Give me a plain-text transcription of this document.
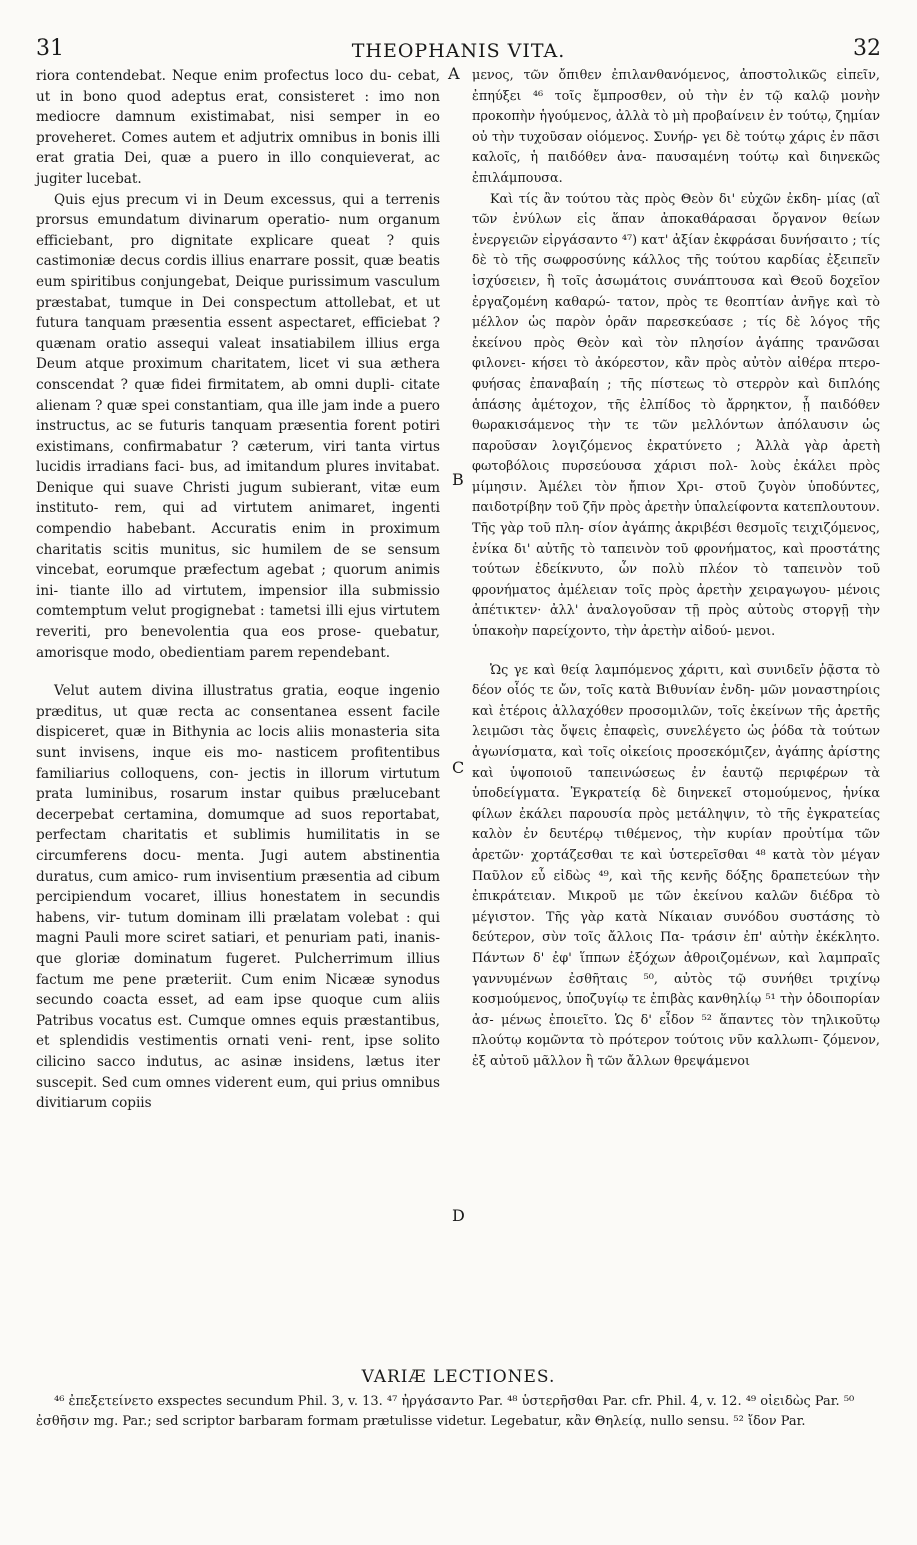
31	THEOPHANIS VITA.	32

riora contendebat. Neque enim profectus loco du- cebat, ut in bono quod adeptus erat, consisteret : imo non mediocre damnum existimabat, nisi semper in eo proveheret. Comes autem et adjutrix omnibus in bonis illi erat gratia Dei, quæ a puero in illo conquieverat, ac jugiter lucebat.

Quis ejus precum vi in Deum excessus, qui a terrenis prorsus emundatum divinarum operatio- num organum efficiebant, pro dignitate explicare queat ? quis castimoniæ decus cordis illius enarrare possit, quæ beatis eum spiritibus conjungebat, Deique purissimum vasculum præstabat, tumque in Dei conspectum attollebat, et ut futura tanquam præsentia essent aspectaret, efficiebat ? quænam oratio assequi valeat insatiabilem illius erga Deum atque proximum charitatem, licet vi sua æthera conscendat ? quæ fidei firmitatem, ab omni dupli- citate alienam ? quæ spei constantiam, qua ille jam inde a puero instructus, ac se futuris tanquam præsentia forent potiri existimans, confirmabatur ? cæterum, viri tanta virtus lucidis irradians faci- bus, ad imitandum plures invitabat. Denique qui suave Christi jugum subierant, vitæ eum instituto- rem, qui ad virtutem animaret, ingenti compendio habebant. Accuratis enim in proximum charitatis scitis munitus, sic humilem de se sensum vincebat, eorumque præfectum agebat ; quorum animis ini- tiante illo ad virtutem, impensior illa submissio comtemptum velut progignebat : tametsi illi ejus virtutem reveriti, pro benevolentia qua eos prose- quebatur, amorisque modo, obedientiam parem rependebant.

Velut autem divina illustratus gratia, eoque ingenio præditus, ut quæ recta ac consentanea essent facile dispiceret, quæ in Bithynia ac locis aliis monasteria sita sunt invisens, inque eis mo- nasticem profitentibus familiarius colloquens, con- jectis in illorum virtutum prata luminibus, rosarum instar quibus prælucebant decerpebat certamina, domumque ad suos reportabat, perfectam charitatis et sublimis humilitatis in se circumferens docu- menta. Jugi autem abstinentia duratus, cum amico- rum invisentium præsentia ad cibum percipiendum vocaret, illius honestatem in secundis habens, vir- tutum dominam illi prælatam volebat : qui magni Pauli more sciret satiari, et penuriam pati, inanis- que gloriæ dominatum fugeret. Pulcherrimum illius factum me pene præteriit. Cum enim Nicææ synodus secundo coacta esset, ad eam ipse quoque cum aliis Patribus vocatus est. Cumque omnes equis præstantibus, et splendidis vestimentis ornati veni- rent, ipse solito cilicino sacco indutus, ac asinæ insidens, lætus iter suscepit. Sed cum omnes viderent eum, qui prius omnibus divitiarum copiis

A
B
C
D

μενος, τῶν ὄπιθεν ἐπιλανθανόμενος, ἀποστολικῶς εἰπεῖν, ἐπηύξει ⁴⁶ τοῖς ἔμπροσθεν, οὐ τὴν ἐν τῷ καλῷ μονὴν προκοπὴν ἡγούμενος, ἀλλὰ τὸ μὴ προβαίνειν ἐν τούτῳ, ζημίαν οὐ τὴν τυχοῦσαν οἰόμενος. Συνήρ- γει δὲ τούτῳ χάρις ἐν πᾶσι καλοῖς, ἡ παιδόθεν ἀνα- παυσαμένη τούτῳ καὶ διηνεκῶς ἐπιλάμπουσα.

Καὶ τίς ἂν τούτου τὰς πρὸς Θεὸν δι' εὐχῶν ἐκδη- μίας (αἳ τῶν ἐνύλων εἰς ἅπαν ἀποκαθάρασαι ὄργανον θείων ἐνεργειῶν εἰργάσαντο ⁴⁷) κατ' ἀξίαν ἐκφράσαι δυνήσαιτο ; τίς δὲ τὸ τῆς σωφροσύνης κάλλος τῆς τούτου καρδίας ἐξειπεῖν ἰσχύσειεν, ἣ τοῖς ἀσωμάτοις συνάπτουσα καὶ Θεοῦ δοχεῖον ἐργαζομένη καθαρώ- τατον, πρὸς τε θεοπτίαν ἀνῆγε καὶ τὸ μέλλον ὡς παρὸν ὁρᾶν παρεσκεύασε ; τίς δὲ λόγος τῆς ἐκείνου πρὸς Θεὸν καὶ τὸν πλησίον ἀγάπης τρανῶσαι φιλονει- κήσει τὸ ἀκόρεστον, κἂν πρὸς αὐτὸν αἰθέρα πτερο- φυήσας ἐπαναβαίη ; τῆς πίστεως τὸ στερρὸν καὶ διπλόης ἁπάσης ἀμέτοχον, τῆς ἐλπίδος τὸ ἄρρηκτον, ᾗ παιδόθεν θωρακισάμενος τὴν τε τῶν μελλόντων ἀπόλαυσιν ὡς παροῦσαν λογιζόμενος ἐκρατύνετο ; Ἀλλὰ γὰρ ἀρετὴ φωτοβόλοις πυρσεύουσα χάρισι πολ- λοὺς ἐκάλει πρὸς μίμησιν. Ἀμέλει τὸν ἤπιον Χρι- στοῦ ζυγὸν ὑποδύντες, παιδοτρίβην τοῦ ζῆν πρὸς ἀρετὴν ὑπαλείφοντα κατεπλουτουν. Τῆς γὰρ τοῦ πλη- σίον ἀγάπης ἀκριβέσι θεσμοῖς τειχιζόμενος, ἐνίκα δι' αὐτῆς τὸ ταπεινὸν τοῦ φρονήματος, καὶ προστάτης τούτων ἐδείκνυτο, ὧν πολὺ πλέον τὸ ταπεινὸν τοῦ φρονήματος ἀμέλειαν τοῖς πρὸς ἀρετὴν χειραγωγου- μένοις ἀπέτικτεν· ἀλλ' ἀναλογοῦσαν τῇ πρὸς αὐτοὺς στοργῇ τὴν ὑπακοὴν παρείχοντο, τὴν ἀρετὴν αἰδού- μενοι.

Ὡς γε καὶ θείᾳ λαμπόμενος χάριτι, καὶ συνιδεῖν ῥᾷστα τὸ δέον οἷός τε ὤν, τοῖς κατὰ Βιθυνίαν ἐνδη- μῶν μοναστηρίοις καὶ ἑτέροις ἀλλαχόθεν προσομιλῶν, τοῖς ἐκείνων τῆς ἀρετῆς λειμῶσι τὰς ὄψεις ἐπαφεὶς, συνελέγετο ὡς ῥόδα τὰ τούτων ἀγωνίσματα, καὶ τοῖς οἰκείοις προσεκόμιζεν, ἀγάπης ἀρίστης καὶ ὑψοποιοῦ ταπεινώσεως ἐν ἑαυτῷ περιφέρων τὰ ὑποδείγματα. Ἐγκρατείᾳ δὲ διηνεκεῖ στομούμενος, ἡνίκα φίλων ἐκάλει παρουσία πρὸς μετάληψιν, τὸ τῆς ἐγκρατείας καλὸν ἐν δευτέρῳ τιθέμενος, τὴν κυρίαν προὐτίμα τῶν ἀρετῶν· χορτάζεσθαι τε καὶ ὑστερεῖσθαι ⁴⁸ κατὰ τὸν μέγαν Παῦλον εὖ εἰδὼς ⁴⁹, καὶ τῆς κενῆς δόξης δραπετεύων τὴν ἐπικράτειαν. Μικροῦ με τῶν ἐκείνου καλῶν διέδρα τὸ μέγιστον. Τῆς γὰρ κατὰ Νίκαιαν συνόδου συστάσης τὸ δεύτερον, σὺν τοῖς ἄλλοις Πα- τράσιν ἐπ' αὐτὴν ἐκέκλητο. Πάντων δ' ἐφ' ἵππων ἐξόχων ἀθροιζομένων, καὶ λαμπραῖς γαννυμένων ἐσθῆταις ⁵⁰, αὐτὸς τῷ συνήθει τριχίνῳ κοσμούμενος, ὑποζυγίῳ τε ἐπιβὰς κανθηλίῳ ⁵¹ τὴν ὁδοιπορίαν ἀσ- μένως ἐποιεῖτο. Ὡς δ' εἶδον ⁵² ἅπαντες τὸν τηλικοῦτῳ πλούτῳ κομῶντα τὸ πρότερον τούτοις νῦν καλλωπι- ζόμενον, ἐξ αὐτοῦ μᾶλλον ἢ τῶν ἄλλων θρεψάμενοι

VARIÆ LECTIONES.

⁴⁶ ἐπεξετείνετο exspectes secundum Phil. 3, v. 13. ⁴⁷ ἠργάσαντο Par. ⁴⁸ ὑστερῆσθαι Par. cfr. Phil. 4, v. 12. ⁴⁹ οἰειδὼς Par. ⁵⁰ ἐσθῆσιν mg. Par.; sed scriptor barbaram formam prætulisse videtur. Legebatur, κἂν Θηλείᾳ, nullo sensu. ⁵² ἴδον Par.
